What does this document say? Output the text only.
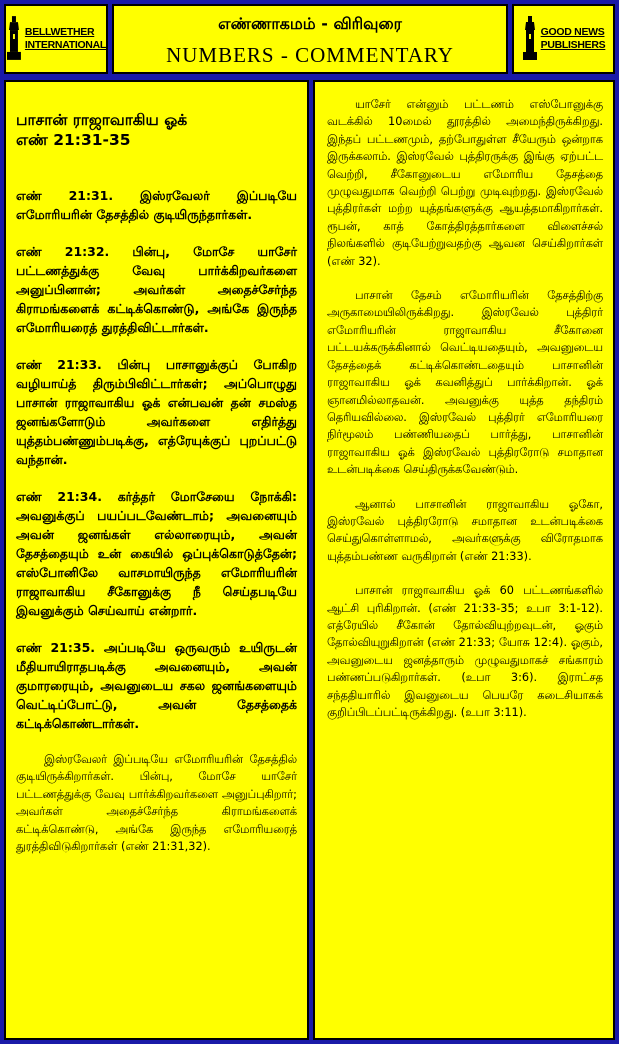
BELLWETHER
INTERNATIONAL
எண்ணாகமம் - விரிவுரை
NUMBERS - COMMENTARY
GOOD NEWS
PUBLISHERS
பாசான் ராஜாவாகிய ஓக்
எண் 21:31-35

எண் 21:31. இஸ்ரவேலர் இப்படியே எமோரியரின் தேசத்தில் குடியிருந்தார்கள்.

எண் 21:32. பின்பு, மோசே யாசேர் பட்டணத்துக்கு வேவு பார்க்கிறவர்களை அனுப்பினான்; அவர்கள் அதைச்சேர்ந்த கிராமங்களைக் கட்டிக்கொண்டு, அங்கே இருந்த எமோரியரைத் துரத்திவிட்டார்கள்.

எண் 21:33. பின்பு பாசானுக்குப் போகிற வழியாய்த் திரும்பிவிட்டார்கள்; அப்பொழுது பாசான் ராஜாவாகிய ஓக் என்பவன் தன் சமஸ்த ஜனங்களோடும் அவர்களை எதிர்த்து யுத்தம்பண்ணும்படிக்கு, எத்ரேயுக்குப் புறப்பட்டு வந்தான்.

எண் 21:34. கர்த்தர் மோசேயை நோக்கி: அவனுக்குப் பயப்படவேண்டாம்; அவனையும் அவன் ஜனங்கள் எல்லாரையும், அவன் தேசத்தையும் உன் கையில் ஒப்புக்கொடுத்தேன்; எஸ்போனிலே வாசமாயிருந்த எமோரியரின் ராஜாவாகிய சீகோனுக்கு நீ செய்தபடியே இவனுக்கும் செய்வாய் என்றார்.

எண் 21:35. அப்படியே ஒருவரும் உயிருடன் மீதியாயிராதபடிக்கு அவனையும், அவன் குமாரரையும், அவனுடைய சகல ஜனங்களையும் வெட்டிப்போட்டு, அவன் தேசத்தைக் கட்டிக்கொண்டார்கள்.

இஸ்ரவேலர் இப்படியே எமோரியரின் தேசத்தில் குடியிருக்கிறார்கள். பின்பு, மோசே யாசேர் பட்டணத்துக்கு வேவு பார்க்கிறவர்களை அனுப்புகிறார்; அவர்கள் அதைச்சேர்ந்த கிராமங்களைக் கட்டிக்கொண்டு, அங்கே இருந்த எமோரியரைத் துரத்திவிடுகிறார்கள் (எண் 21:31,32).

யாசேர் என்னும் பட்டணம் எஸ்போனுக்கு வடக்கில் 10மைல் தூரத்தில் அமைந்திருக்கிறது. இந்தப் பட்டணமும், தற்போதுள்ள சீயேரும் ஒன்றாக இருக்கலாம். இஸ்ரவேல் புத்திரருக்கு இங்கு ஏற்பட்ட வெற்றி, சீகோனுடைய எமோரிய தேசத்தை முழுவதுமாக வெற்றி பெற்று முடிவுற்றது. இஸ்ரவேல் புத்திரர்கள் மற்ற யுத்தங்களுக்கு ஆயத்தமாகிறார்கள். ரூபன், காத் கோத்திரத்தார்களை விளைச்சல் நிலங்களில் குடியேற்றுவதற்கு ஆவன செய்கிறார்கள் (எண் 32).

பாசான் தேசம் எமோரியரின் தேசத்திற்கு அருகாமையிலிருக்கிறது. இஸ்ரவேல் புத்திரர் எமோரியரின் ராஜாவாகிய சீகோனை பட்டயக்கருக்கினால் வெட்டியதையும், அவனுடைய தேசத்தைக் கட்டிக்கொண்டதையும் பாசானின் ராஜாவாகிய ஓக் கவனித்துப் பார்க்கிறான். ஓக் ஞானமில்லாதவன். அவனுக்கு யுத்த தந்திரம் தெரியவில்லை. இஸ்ரவேல் புத்திரர் எமோரியரை நிர்மூலம் பண்ணியதைப் பார்த்து, பாசானின் ராஜாவாகிய ஓக் இஸ்ரவேல் புத்திரரோடு சமாதான உடன்படிக்கை செய்திருக்கவேண்டும்.

ஆனால் பாசானின் ராஜாவாகிய ஓகோ, இஸ்ரவேல் புத்திரரோடு சமாதான உடன்படிக்கை செய்துகொள்ளாமல், அவர்களுக்கு விரோதமாக யுத்தம்பண்ண வருகிறான் (எண் 21:33).

பாசான் ராஜாவாகிய ஓக் 60 பட்டணங்களில் ஆட்சி புரிகிறான். (எண் 21:33-35; உபா 3:1-12). எத்ரேயில் சீகோன் தோல்வியுற்றவுடன், ஓகும் தோல்வியுறுகிறான் (எண் 21:33; யோசு 12:4). ஓகும், அவனுடைய ஜனத்தாரும் முழுவதுமாகச் சங்காரம் பண்ணப்படுகிறார்கள். (உபா 3:6). இராட்சத சந்ததியாரில் இவனுடைய பெயரே கடைசியாகக் குறிப்பிடப்பட்டிருக்கிறது. (உபா 3:11).
